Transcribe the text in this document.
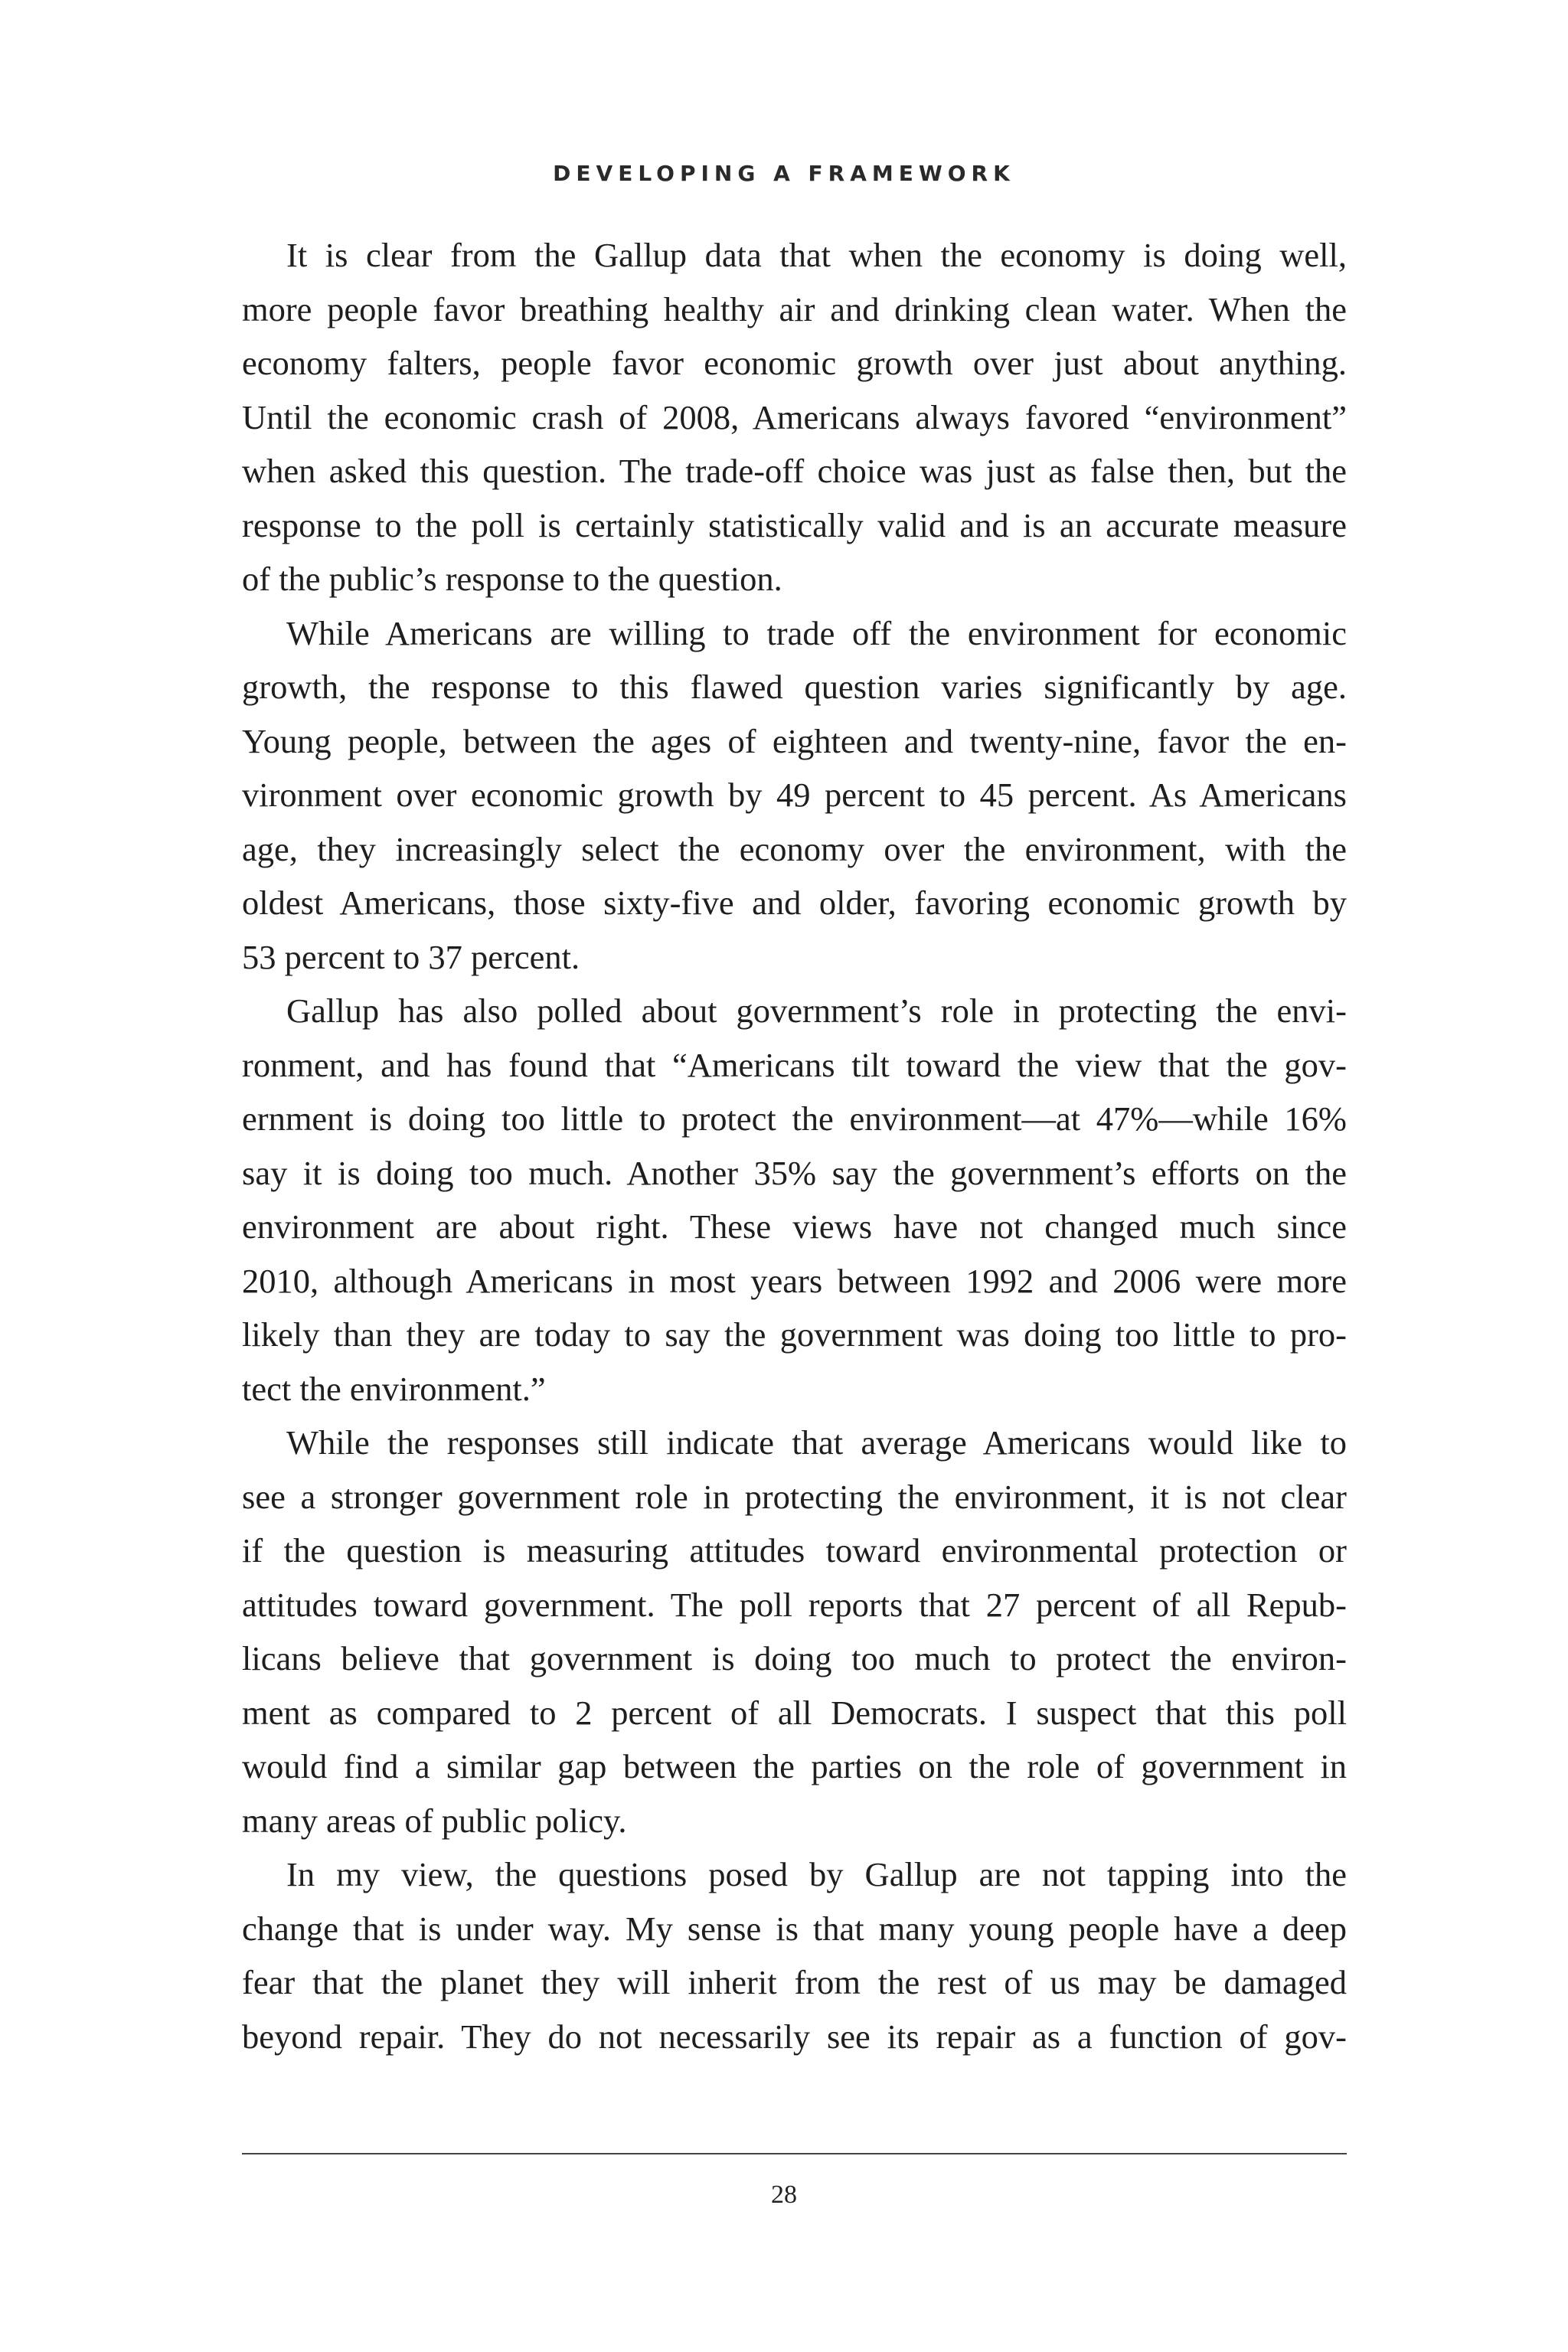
DEVELOPING A FRAMEWORK
It is clear from the Gallup data that when the economy is doing well,
more people favor breathing healthy air and drinking clean water. When the
economy falters, people favor economic growth over just about anything.
Until the economic crash of 2008, Americans always favored “environment”
when asked this question. The trade-off choice was just as false then, but the
response to the poll is certainly statistically valid and is an accurate measure
of the public’s response to the question.
While Americans are willing to trade off the environment for economic
growth, the response to this flawed question varies significantly by age.
Young people, between the ages of eighteen and twenty-nine, favor the en-
vironment over economic growth by 49 percent to 45 percent. As Americans
age, they increasingly select the economy over the environment, with the
oldest Americans, those sixty-five and older, favoring economic growth by
53 percent to 37 percent.
Gallup has also polled about government’s role in protecting the envi-
ronment, and has found that “Americans tilt toward the view that the gov-
ernment is doing too little to protect the environment—at 47%—while 16%
say it is doing too much. Another 35% say the government’s efforts on the
environment are about right. These views have not changed much since
2010, although Americans in most years between 1992 and 2006 were more
likely than they are today to say the government was doing too little to pro-
tect the environment.”
While the responses still indicate that average Americans would like to
see a stronger government role in protecting the environment, it is not clear
if the question is measuring attitudes toward environmental protection or
attitudes toward government. The poll reports that 27 percent of all Repub-
licans believe that government is doing too much to protect the environ-
ment as compared to 2 percent of all Democrats. I suspect that this poll
would find a similar gap between the parties on the role of government in
many areas of public policy.
In my view, the questions posed by Gallup are not tapping into the
change that is under way. My sense is that many young people have a deep
fear that the planet they will inherit from the rest of us may be damaged
beyond repair. They do not necessarily see its repair as a function of gov-
28
